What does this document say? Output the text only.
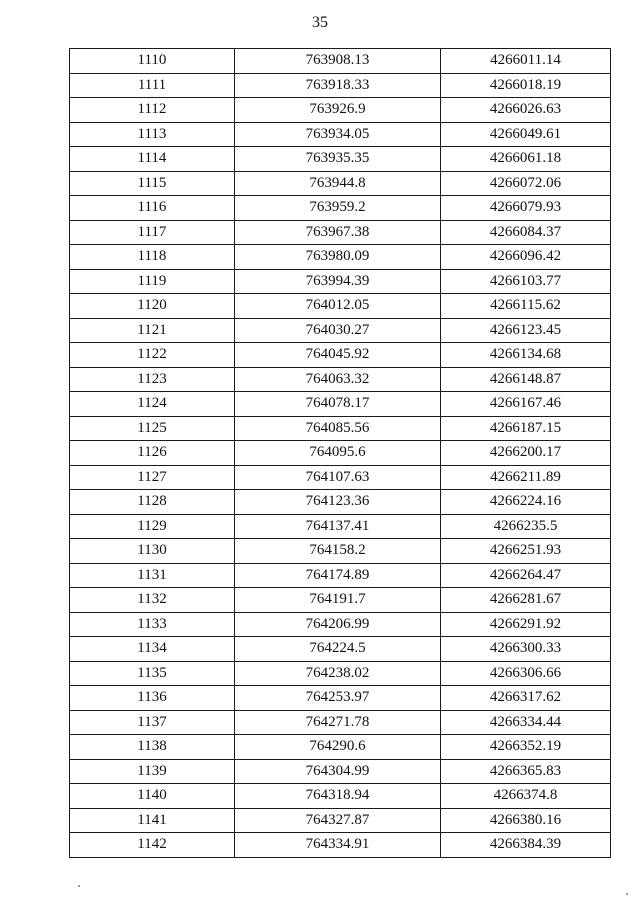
35
1110	763908.13	4266011.14
1111	763918.33	4266018.19
1112	763926.9	4266026.63
1113	763934.05	4266049.61
1114	763935.35	4266061.18
1115	763944.8	4266072.06
1116	763959.2	4266079.93
1117	763967.38	4266084.37
1118	763980.09	4266096.42
1119	763994.39	4266103.77
1120	764012.05	4266115.62
1121	764030.27	4266123.45
1122	764045.92	4266134.68
1123	764063.32	4266148.87
1124	764078.17	4266167.46
1125	764085.56	4266187.15
1126	764095.6	4266200.17
1127	764107.63	4266211.89
1128	764123.36	4266224.16
1129	764137.41	4266235.5
1130	764158.2	4266251.93
1131	764174.89	4266264.47
1132	764191.7	4266281.67
1133	764206.99	4266291.92
1134	764224.5	4266300.33
1135	764238.02	4266306.66
1136	764253.97	4266317.62
1137	764271.78	4266334.44
1138	764290.6	4266352.19
1139	764304.99	4266365.83
1140	764318.94	4266374.8
1141	764327.87	4266380.16
1142	764334.91	4266384.39
